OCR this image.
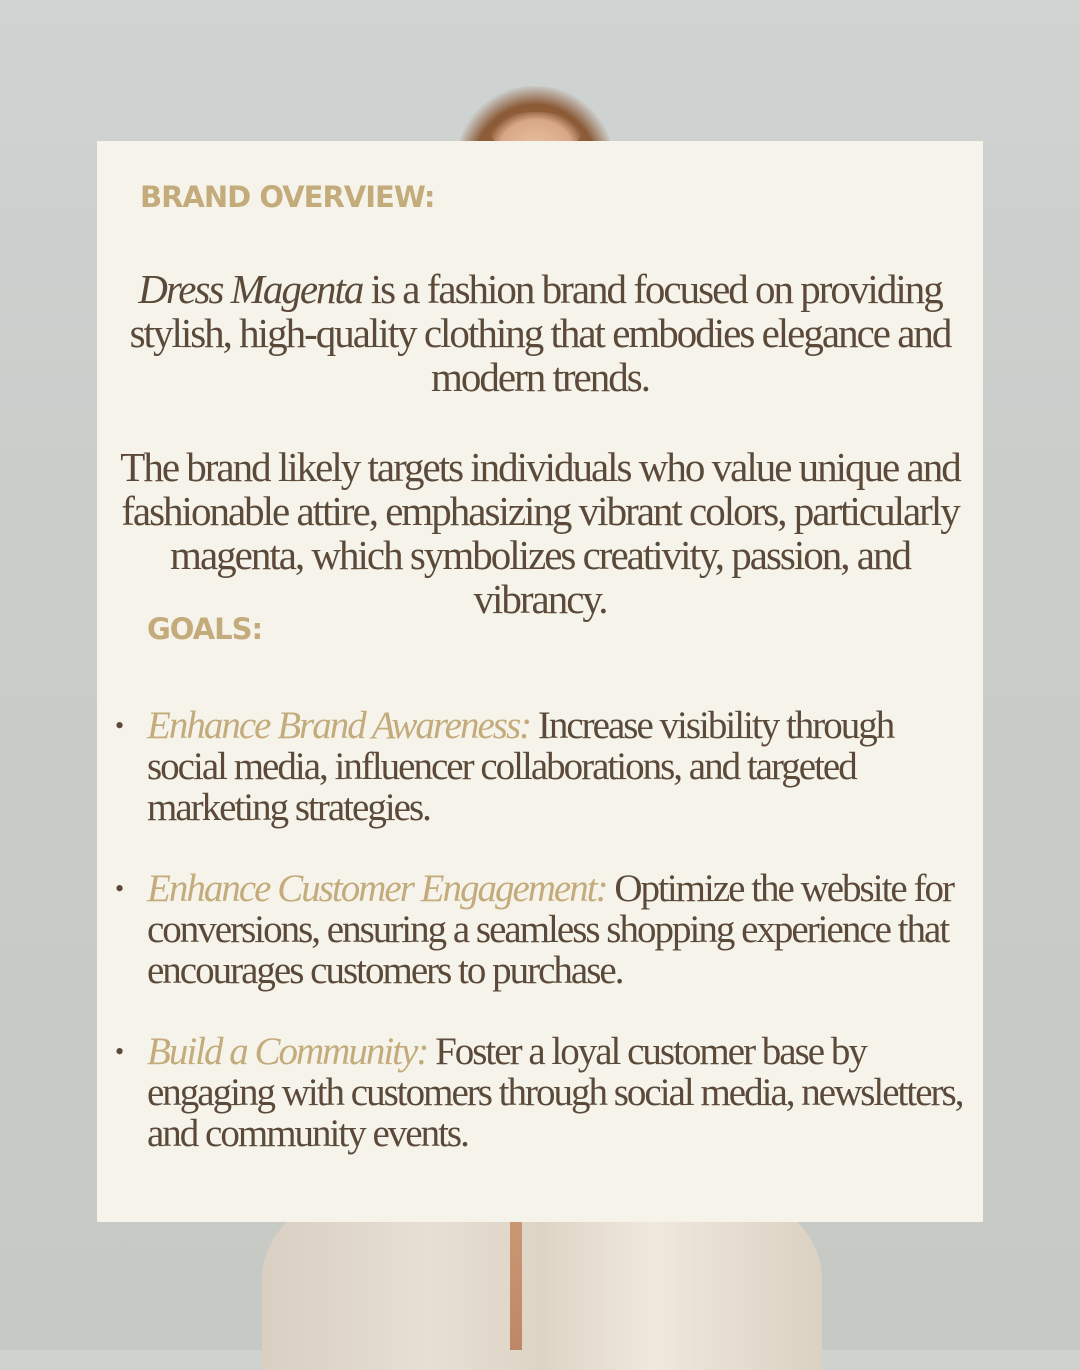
BRAND OVERVIEW:

Dress Magenta is a fashion brand focused on providing stylish, high-quality clothing that embodies elegance and modern trends.

The brand likely targets individuals who value unique and fashionable attire, emphasizing vibrant colors, particularly magenta, which symbolizes creativity, passion, and vibrancy.

GOALS:
• Enhance Brand Awareness: Increase visibility through social media, influencer collaborations, and targeted marketing strategies.
• Enhance Customer Engagement: Optimize the website for conversions, ensuring a seamless shopping experience that encourages customers to purchase.
• Build a Community: Foster a loyal customer base by engaging with customers through social media, newsletters, and community events.
